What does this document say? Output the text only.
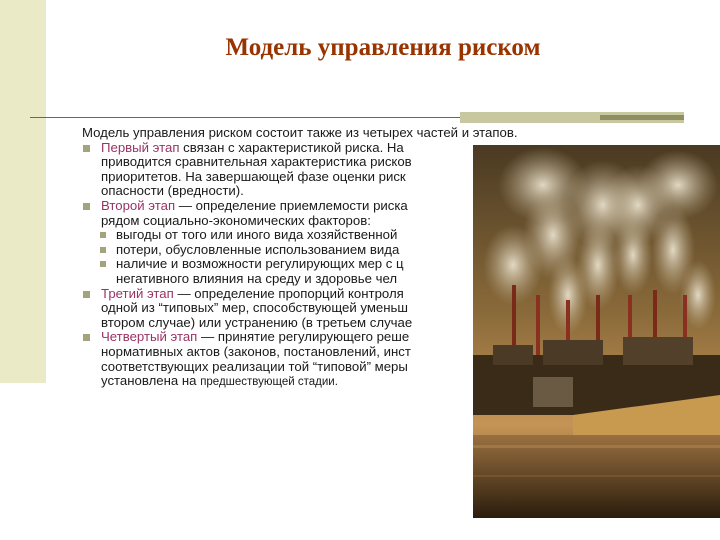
Модель управления риском

Модель управления риском состоит также из четырех частей и этапов.

Первый этап связан с характеристикой риска. На
приводится сравнительная характеристика рисков
приоритетов. На завершающей фазе оценки риск
опасности (вредности).
Второй этап — определение приемлемости риска
рядом социально-экономических факторов:
выгоды от того или иного вида хозяйственной
потери, обусловленные использованием вида
наличие и возможности регулирующих мер с ц
негативного влияния на среду и здоровье чел
Третий этап — определение пропорций контроля
одной из “типовых” мер, способствующей уменьш
втором случае) или устранению (в третьем случае
Четвертый этап — принятие регулирующего реше
нормативных актов (законов, постановлений, инст
соответствующих реализации той “типовой” меры
установлена на предшествующей стадии.
